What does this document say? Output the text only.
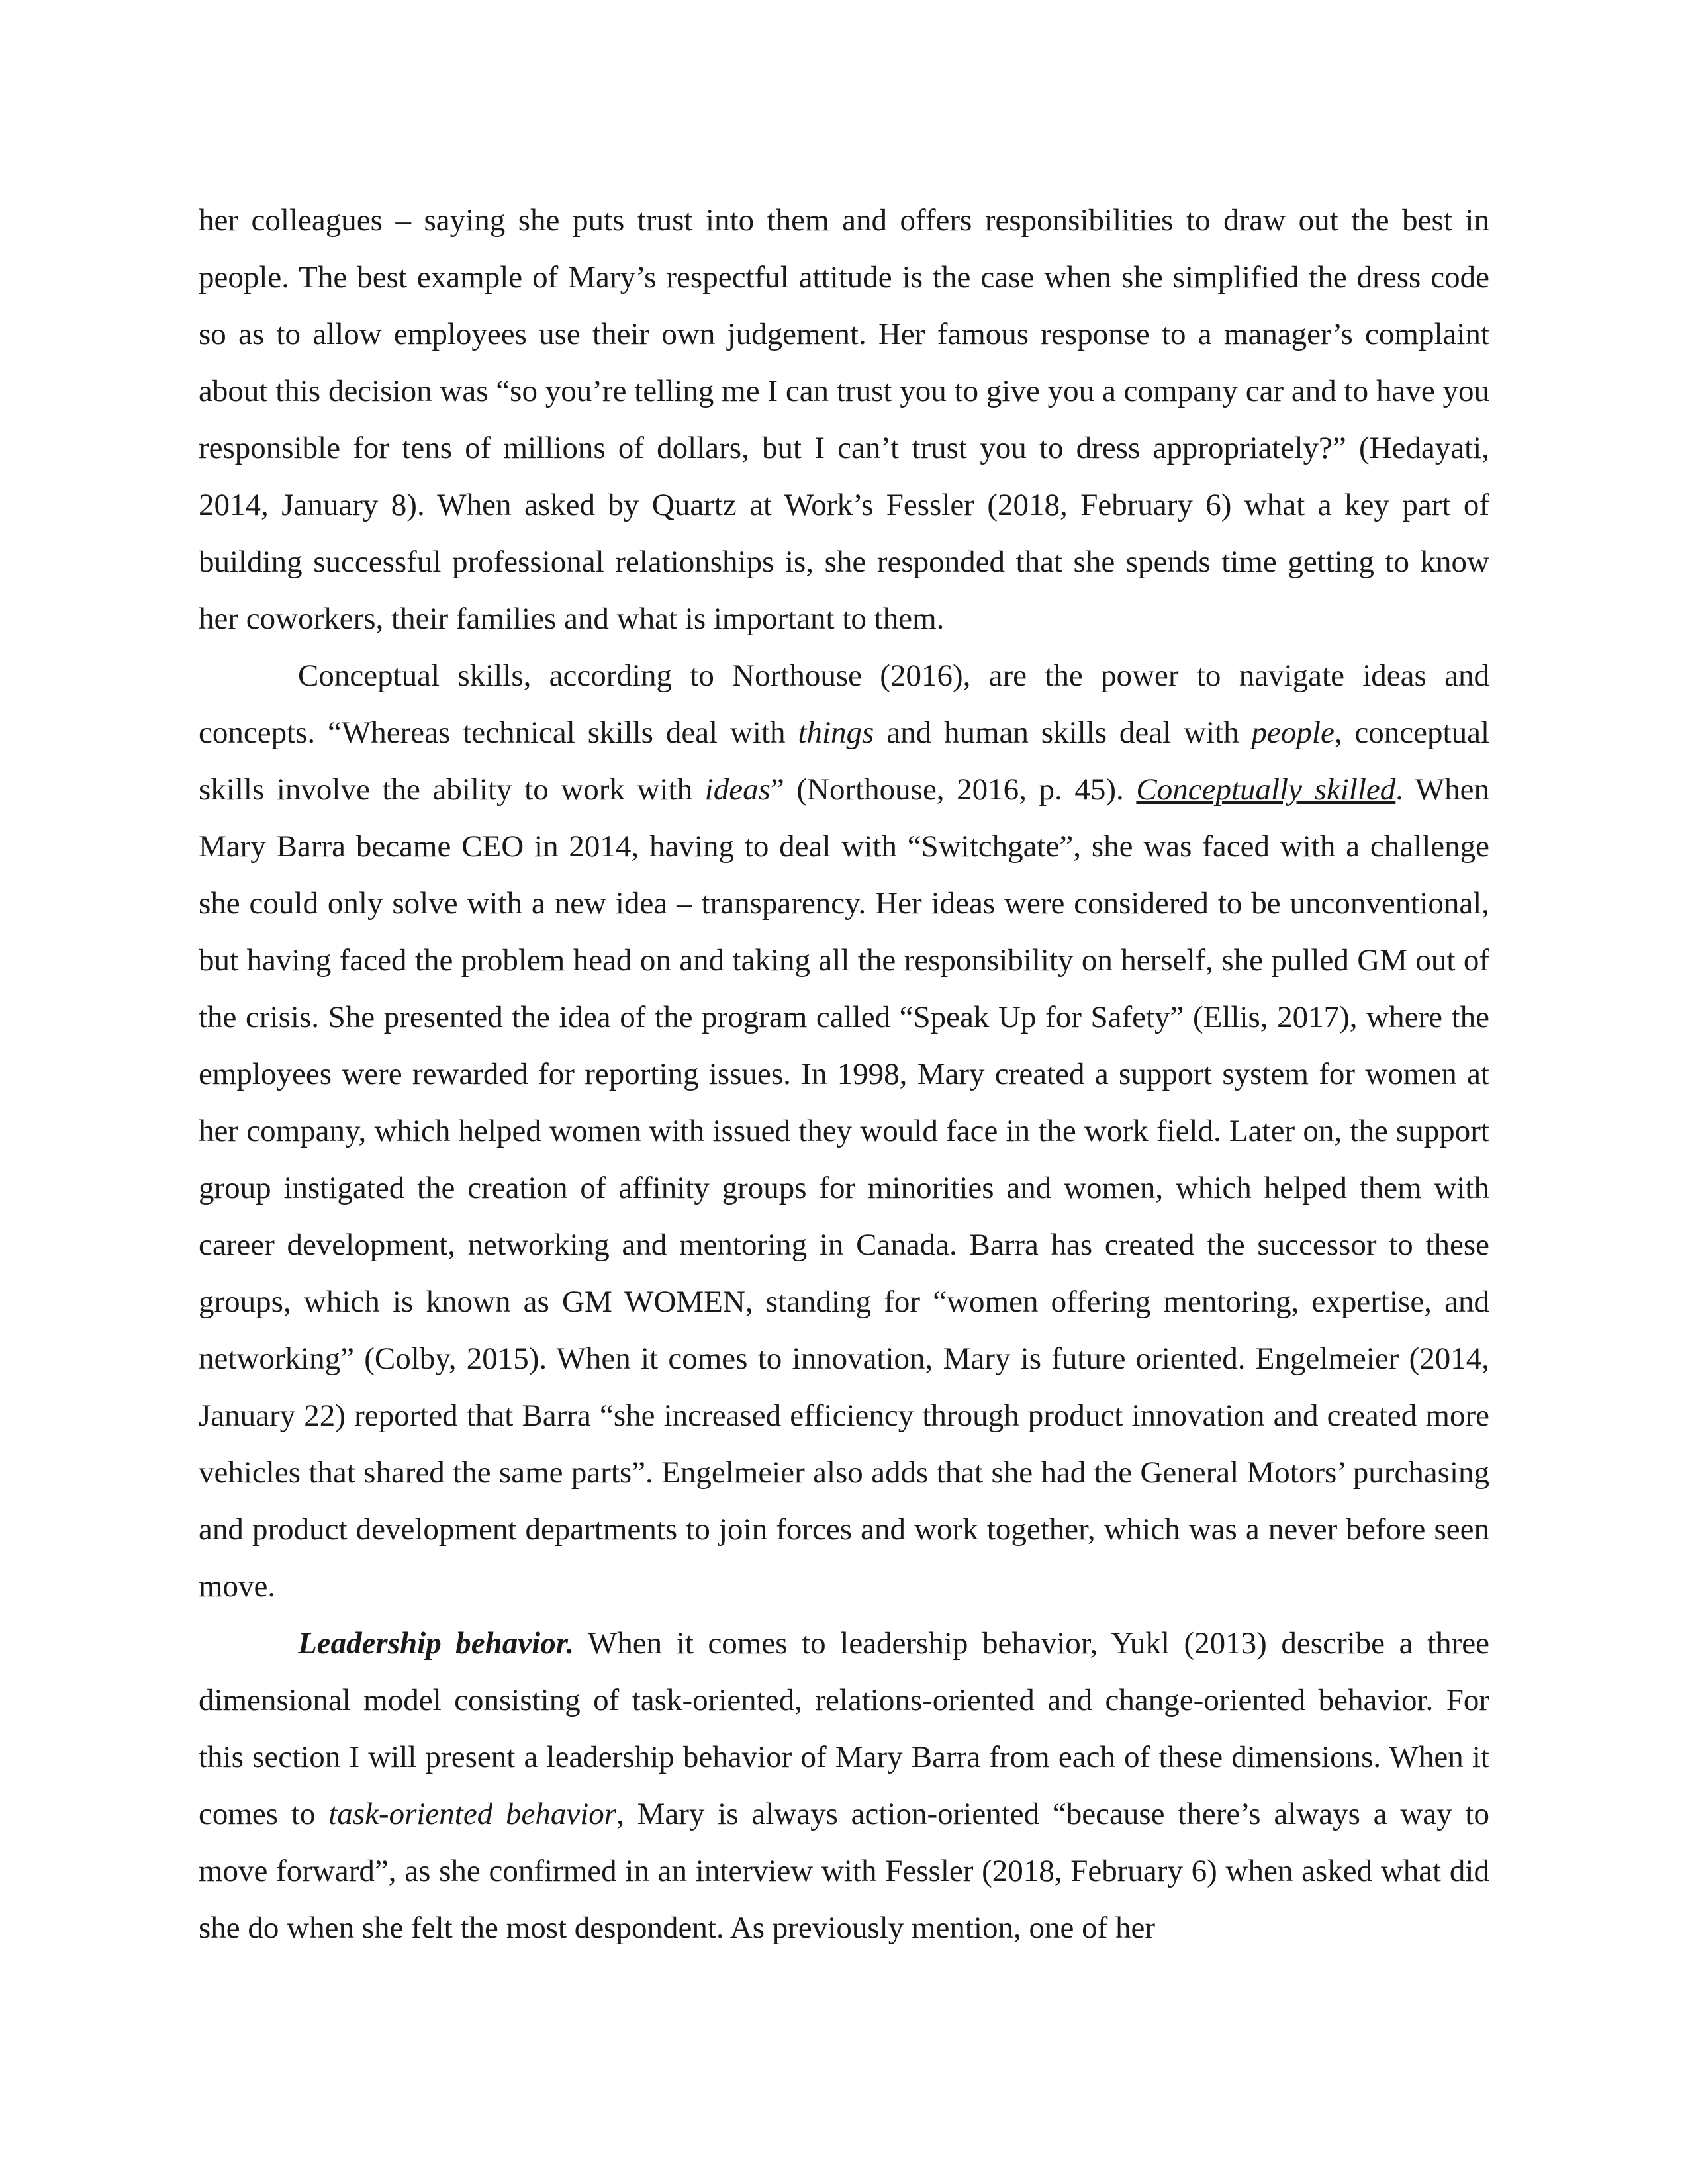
her colleagues – saying she puts trust into them and offers responsibilities to draw out the best in people. The best example of Mary’s respectful attitude is the case when she simplified the dress code so as to allow employees use their own judgement. Her famous response to a manager’s complaint about this decision was “so you’re telling me I can trust you to give you a company car and to have you responsible for tens of millions of dollars, but I can’t trust you to dress appropriately?” (Hedayati, 2014, January 8). When asked by Quartz at Work’s Fessler (2018, February 6) what a key part of building successful professional relationships is, she responded that she spends time getting to know her coworkers, their families and what is important to them.

Conceptual skills, according to Northouse (2016), are the power to navigate ideas and concepts. “Whereas technical skills deal with things and human skills deal with people, conceptual skills involve the ability to work with ideas” (Northouse, 2016, p. 45). Conceptually skilled. When Mary Barra became CEO in 2014, having to deal with “Switchgate”, she was faced with a challenge she could only solve with a new idea – transparency. Her ideas were considered to be unconventional, but having faced the problem head on and taking all the responsibility on herself, she pulled GM out of the crisis. She presented the idea of the program called “Speak Up for Safety” (Ellis, 2017), where the employees were rewarded for reporting issues. In 1998, Mary created a support system for women at her company, which helped women with issued they would face in the work field. Later on, the support group instigated the creation of affinity groups for minorities and women, which helped them with career development, networking and mentoring in Canada. Barra has created the successor to these groups, which is known as GM WOMEN, standing for “women offering mentoring, expertise, and networking” (Colby, 2015). When it comes to innovation, Mary is future oriented. Engelmeier (2014, January 22) reported that Barra “she increased efficiency through product innovation and created more vehicles that shared the same parts”. Engelmeier also adds that she had the General Motors’ purchasing and product development departments to join forces and work together, which was a never before seen move.

Leadership behavior. When it comes to leadership behavior, Yukl (2013) describe a three dimensional model consisting of task-oriented, relations-oriented and change-oriented behavior. For this section I will present a leadership behavior of Mary Barra from each of these dimensions. When it comes to task-oriented behavior, Mary is always action-oriented “because there’s always a way to move forward”, as she confirmed in an interview with Fessler (2018, February 6) when asked what did she do when she felt the most despondent. As previously mention, one of her
